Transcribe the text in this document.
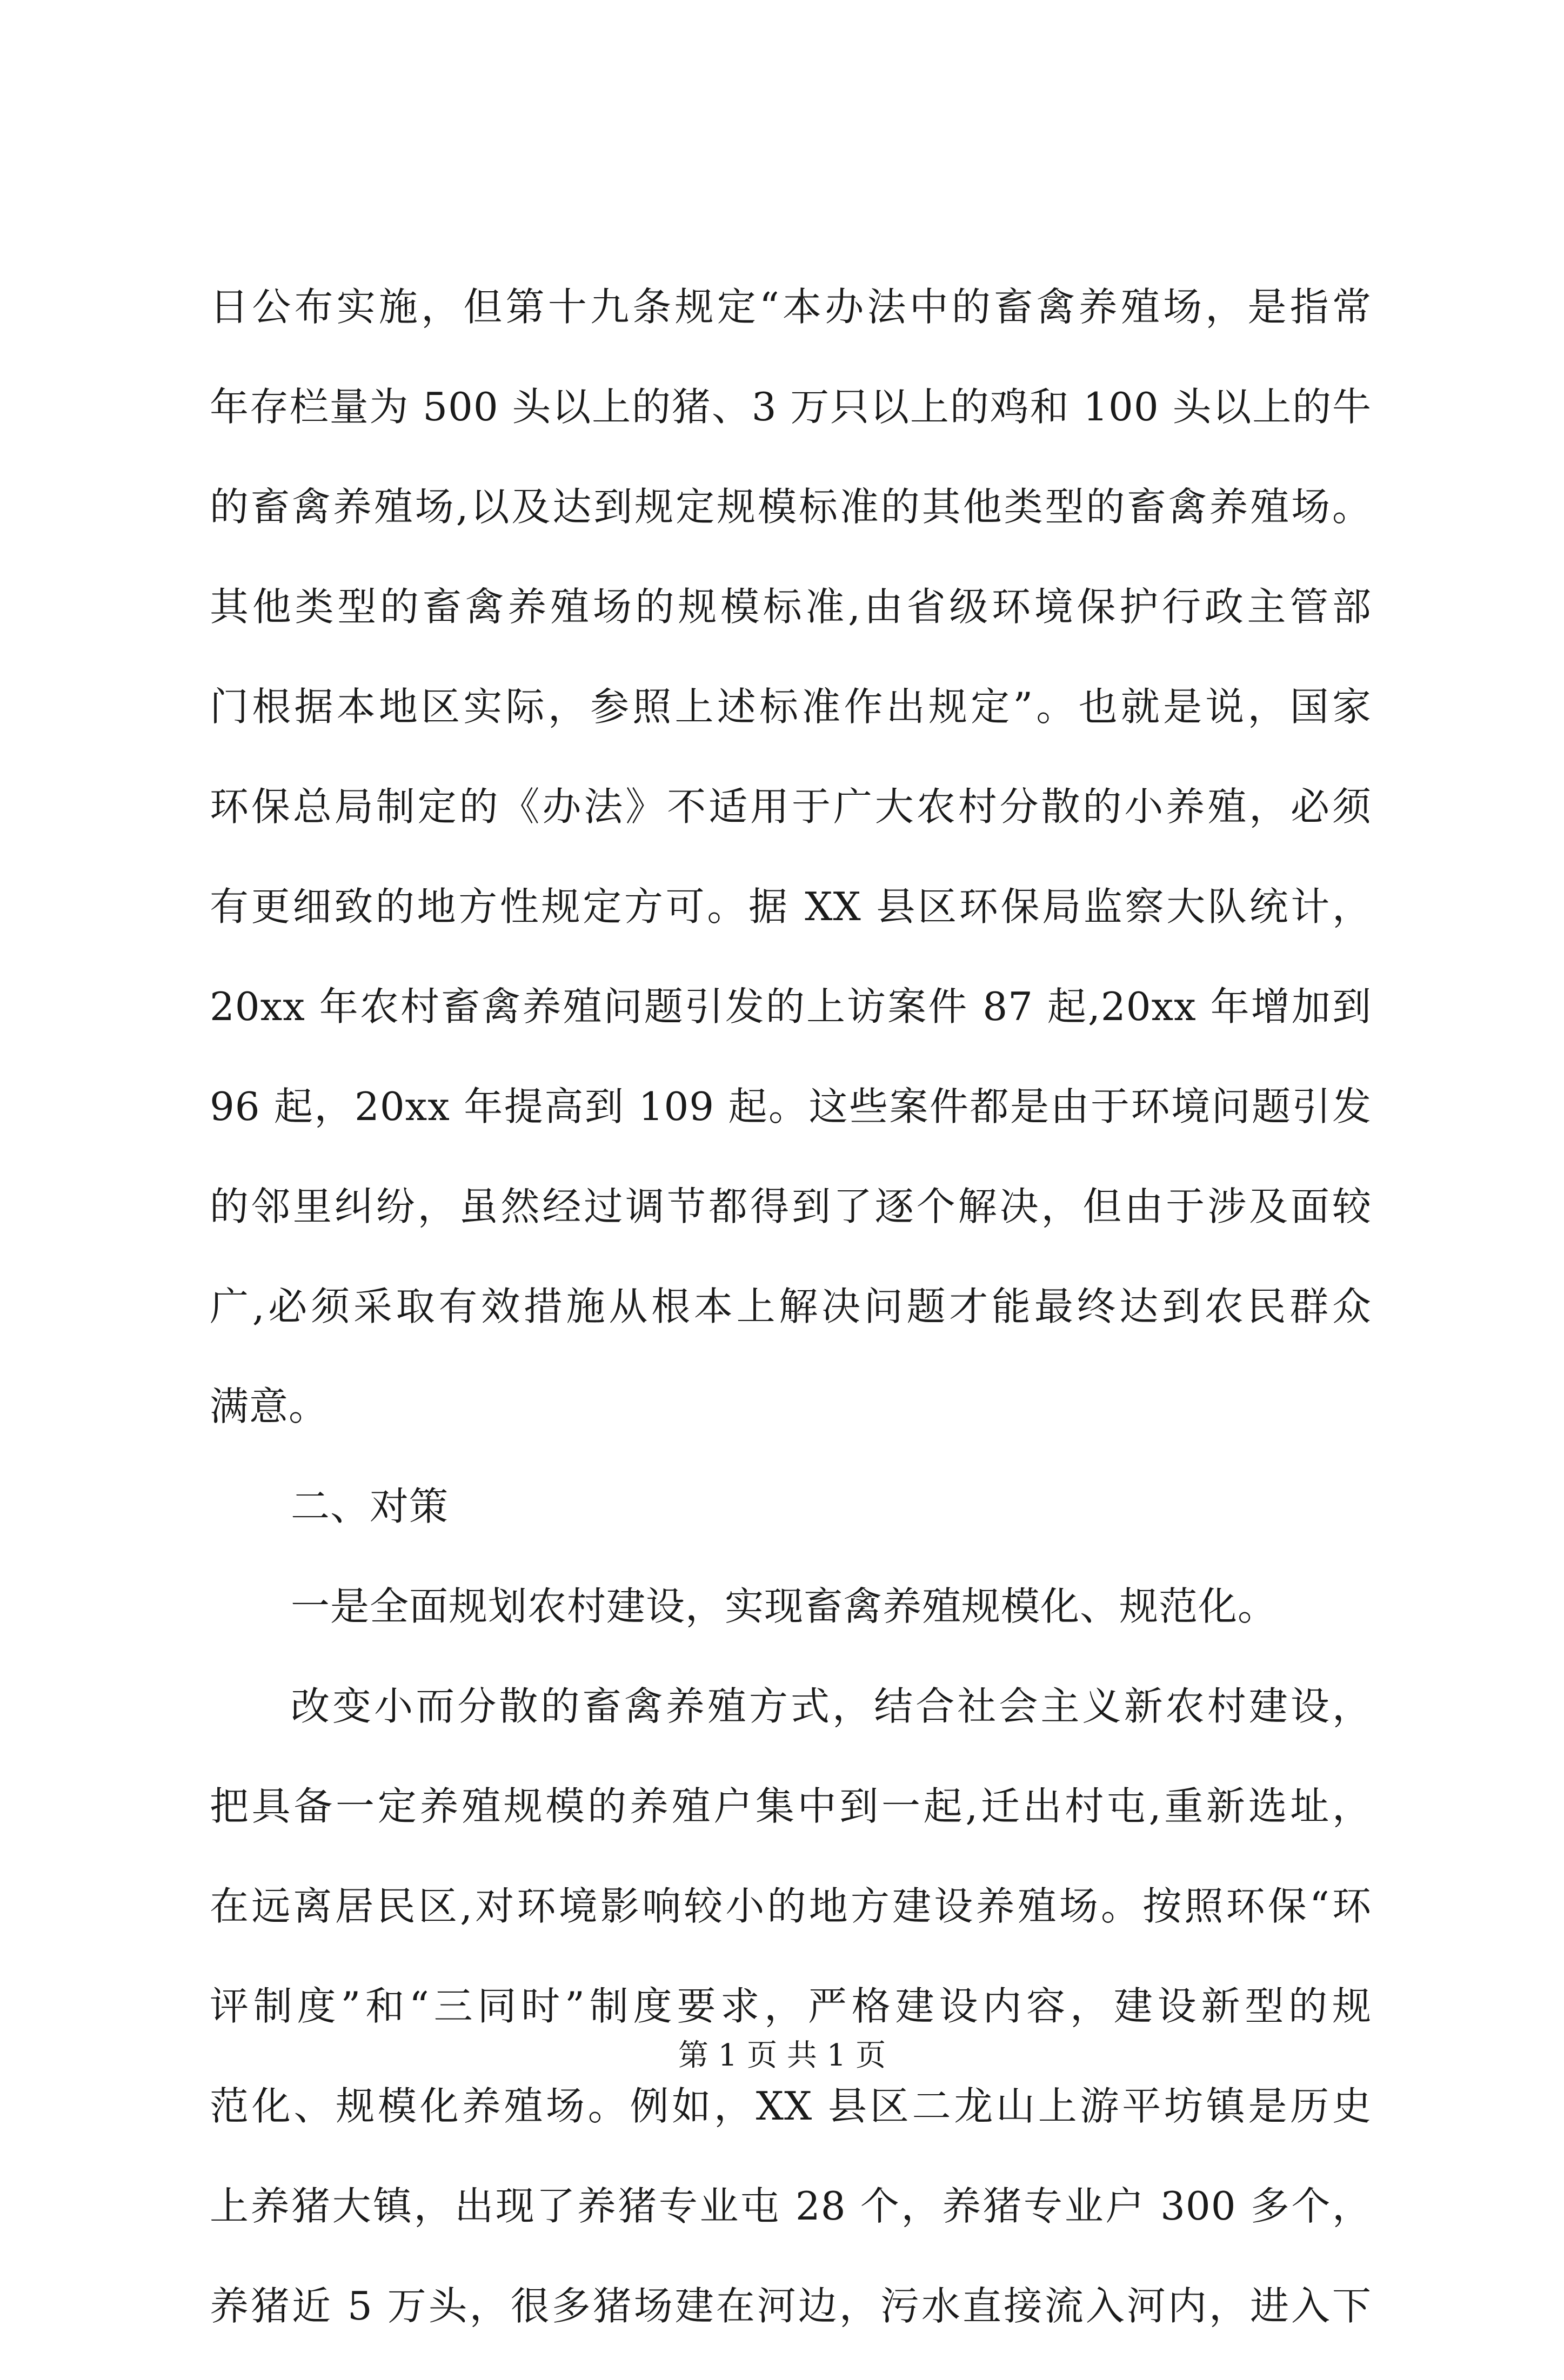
日公布实施，但第十九条规定“本办法中的畜禽养殖场，是指常
年存栏量为 500 头以上的猪、3 万只以上的鸡和 100 头以上的牛
的畜禽养殖场,以及达到规定规模标准的其他类型的畜禽养殖场。
其他类型的畜禽养殖场的规模标准,由省级环境保护行政主管部
门根据本地区实际，参照上述标准作出规定”。也就是说，国家
环保总局制定的《办法》不适用于广大农村分散的小养殖，必须
有更细致的地方性规定方可。据 XX 县区环保局监察大队统计，
20xx 年农村畜禽养殖问题引发的上访案件 87 起,20xx 年增加到
96 起，20xx 年提高到 109 起。这些案件都是由于环境问题引发
的邻里纠纷，虽然经过调节都得到了逐个解决，但由于涉及面较
广,必须采取有效措施从根本上解决问题才能最终达到农民群众
满意。
二、对策
一是全面规划农村建设，实现畜禽养殖规模化、规范化。
改变小而分散的畜禽养殖方式，结合社会主义新农村建设，
把具备一定养殖规模的养殖户集中到一起,迁出村屯,重新选址，
在远离居民区,对环境影响较小的地方建设养殖场。按照环保“环
评制度”和“三同时”制度要求，严格建设内容，建设新型的规
范化、规模化养殖场。例如，XX 县区二龙山上游平坊镇是历史
上养猪大镇，出现了养猪专业屯 28 个，养猪专业户 300 多个，
养猪近 5 万头，很多猪场建在河边，污水直接流入河内，进入下
第 1 页 共 1 页
